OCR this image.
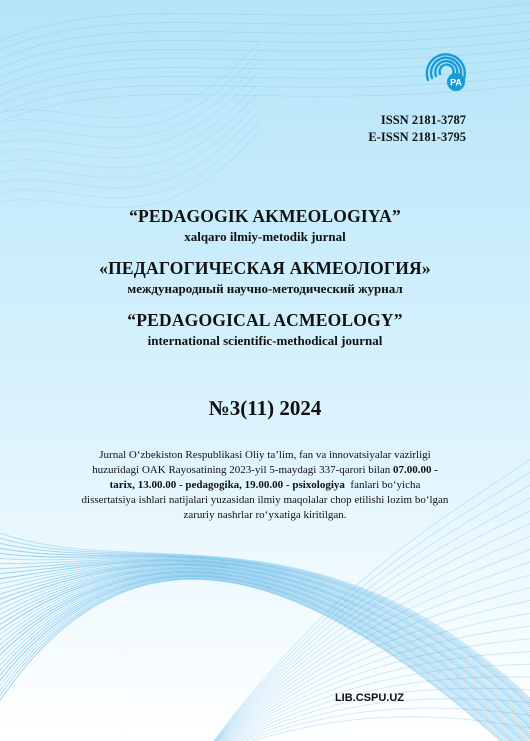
PA
ISSN 2181-3787
E-ISSN 2181-3795
“PEDAGOGIK AKMEOLOGIYA”
xalqaro ilmiy-metodik jurnal
«ПЕДАГОГИЧЕСКАЯ АКМЕОЛОГИЯ»
международный научно-методический журнал
“PEDAGOGICAL ACMEOLOGY”
international scientific-methodical journal
№3(11) 2024
Jurnal O‘zbekiston Respublikasi Oliy ta’lim, fan va innovatsiyalar vazirligi
huzuridagi OAK Rayosatining 2023-yil 5-maydagi 337-qarori bilan 07.00.00 -
tarix, 13.00.00 - pedagogika, 19.00.00 - psixologiya  fanlari bo‘yicha
dissertatsiya ishlari natijalari yuzasidan ilmiy maqolalar chop etilishi lozim bo‘lgan
zaruriy nashrlar ro‘yxatiga kiritilgan.
LIB.CSPU.UZ
